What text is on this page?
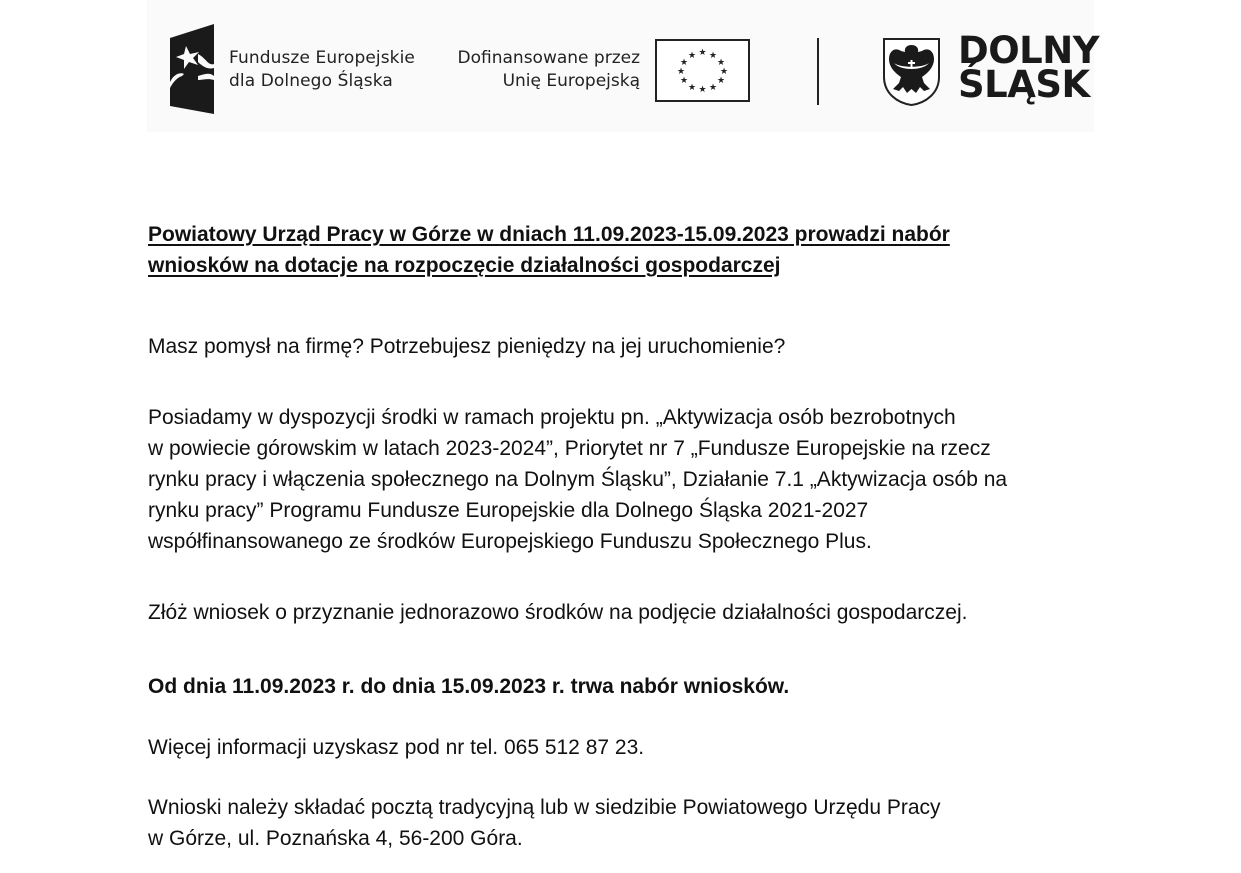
Fundusze Europejskie
dla Dolnego Śląska
Dofinansowane przez
Unię Europejską
★ ★
★
★
★
★
★
★
★
★
★
★	DOLNY
ŚLĄSK
Powiatowy Urząd Pracy w Górze w dniach 11.09.2023-15.09.2023 prowadzi nabór
wniosków na dotacje na rozpoczęcie działalności gospodarczej
Masz pomysł na firmę? Potrzebujesz pieniędzy na jej uruchomienie?
Posiadamy w dyspozycji środki w ramach projektu pn. „Aktywizacja osób bezrobotnych
w powiecie górowskim w latach 2023-2024”, Priorytet nr 7 „Fundusze Europejskie na rzecz
rynku pracy i włączenia społecznego na Dolnym Śląsku”, Działanie 7.1 „Aktywizacja osób na
rynku pracy” Programu Fundusze Europejskie dla Dolnego Śląska 2021-2027
współfinansowanego ze środków Europejskiego Funduszu Społecznego Plus.
Złóż wniosek o przyznanie jednorazowo środków na podjęcie działalności gospodarczej.
Od dnia 11.09.2023 r. do dnia 15.09.2023 r. trwa nabór wniosków.
Więcej informacji uzyskasz pod nr tel. 065 512 87 23.
Wnioski należy składać pocztą tradycyjną lub w siedzibie Powiatowego Urzędu Pracy
w Górze, ul. Poznańska 4, 56-200 Góra.
